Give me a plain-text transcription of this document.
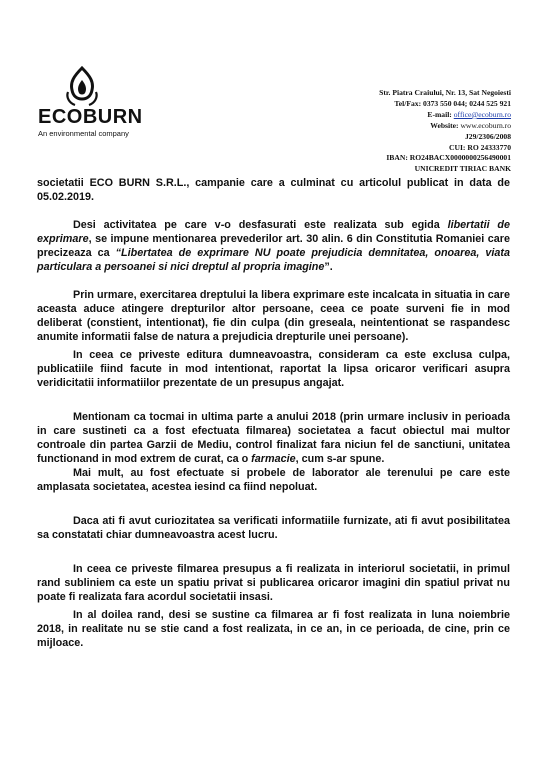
ECOBURN
An environmental company
Str. Piatra Craiului, Nr. 13, Sat Negoiesti
Tel/Fax: 0373 550 044; 0244 525 921
E-mail: office@ecoburn.ro
Website: www.ecoburn.ro
J29/2306/2008
CUI: RO 24333770
IBAN: RO24BACX0000000256490001
UNICREDIT TIRIAC BANK

societatii ECO BURN S.R.L., campanie care a culminat cu articolul publicat in data de 05.02.2019.

Desi activitatea pe care v-o desfasurati este realizata sub egida libertatii de exprimare, se impune mentionarea prevederilor art. 30 alin. 6 din Constitutia Romaniei care precizeaza ca “Libertatea de exprimare NU poate prejudicia demnitatea, onoarea, viata particulara a persoanei si nici dreptul al propria imagine”.

Prin urmare, exercitarea dreptului la libera exprimare este incalcata in situatia in care aceasta aduce atingere drepturilor altor persoane, ceea ce poate surveni fie in mod deliberat (constient, intentionat), fie din culpa (din greseala, neintentionat se raspandesc anumite informatii false de natura a prejudicia drepturile unei persoane).

In ceea ce priveste editura dumneavoastra, consideram ca este exclusa culpa, publicatiile fiind facute in mod intentionat, raportat la lipsa oricaror verificari asupra veridicitatii informatiilor prezentate de un presupus angajat.

Mentionam ca tocmai in ultima parte a anului 2018 (prin urmare inclusiv in perioada in care sustineti ca a fost efectuata filmarea) societatea a facut obiectul mai multor controale din partea Garzii de Mediu, control finalizat fara niciun fel de sanctiuni, unitatea functionand in mod extrem de curat, ca o farmacie, cum s-ar spune.

Mai mult, au fost efectuate si probele de laborator ale terenului pe care este amplasata societatea, acestea iesind ca fiind nepoluat.

Daca ati fi avut curiozitatea sa verificati informatiile furnizate, ati fi avut posibilitatea sa constatati chiar dumneavoastra acest lucru.

In ceea ce priveste filmarea presupus a fi realizata in interiorul societatii, in primul rand subliniem ca este un spatiu privat si publicarea oricaror imagini din spatiul privat nu poate fi realizata fara acordul societatii insasi.

In al doilea rand, desi se sustine ca filmarea ar fi fost realizata in luna noiembrie 2018, in realitate nu se stie cand a fost realizata, in ce an, in ce perioada, de cine, prin ce mijloace.
